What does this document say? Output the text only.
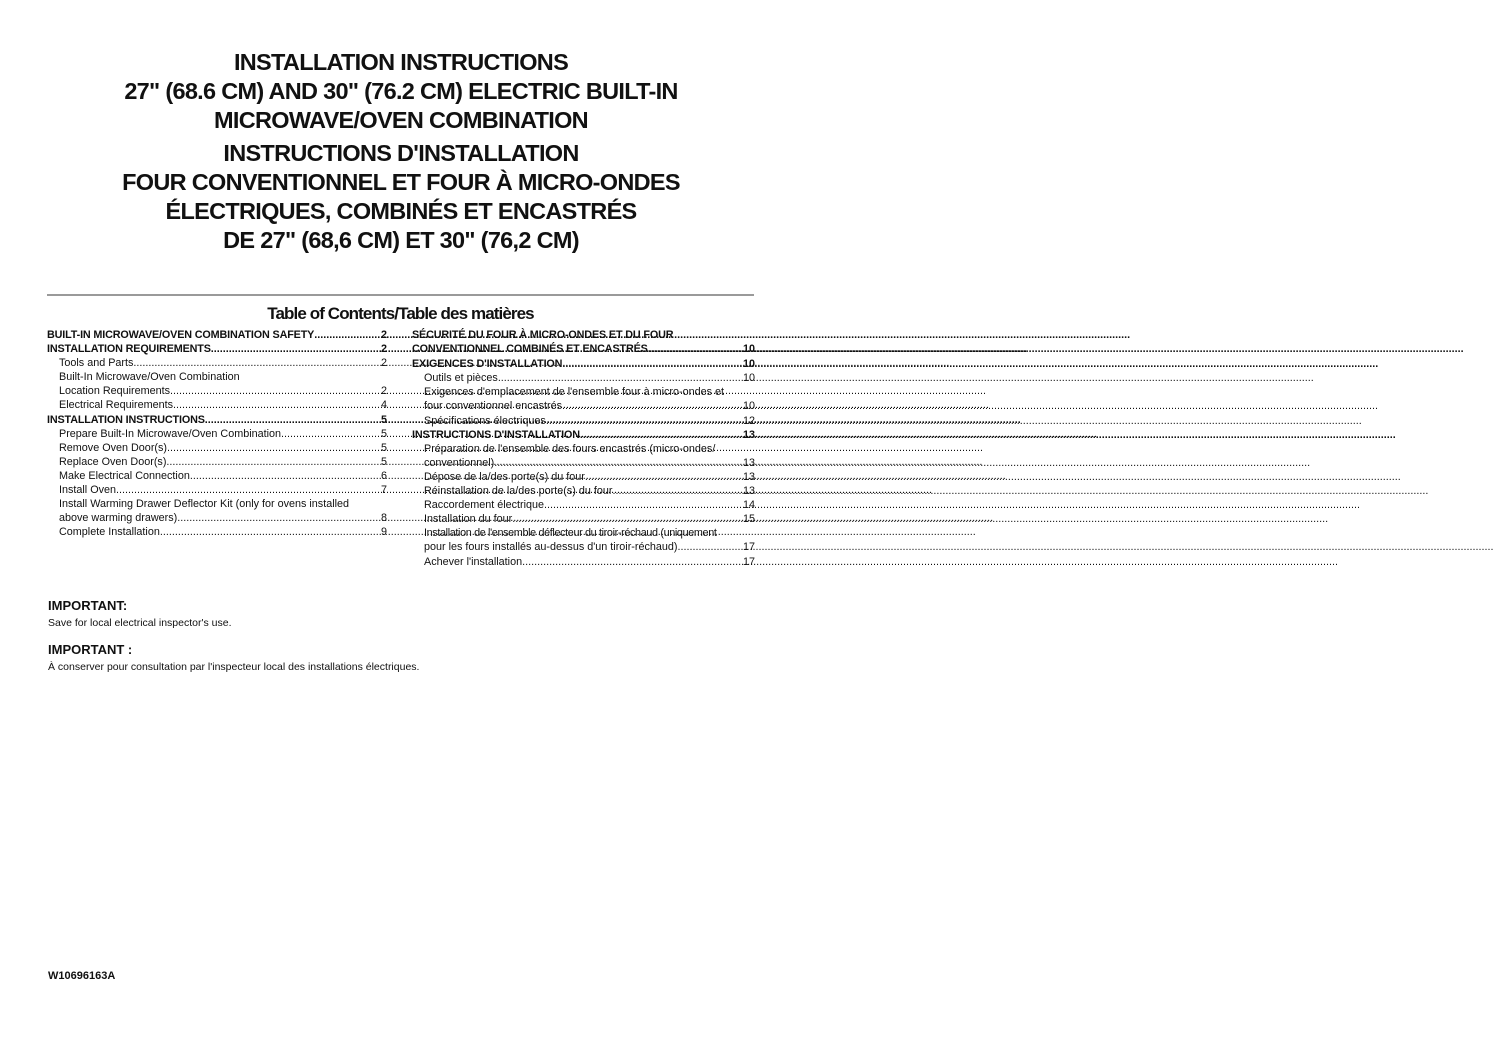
INSTALLATION INSTRUCTIONS
27" (68.6 CM) AND 30" (76.2 CM) ELECTRIC BUILT-IN
MICROWAVE/OVEN COMBINATION
INSTRUCTIONS D'INSTALLATION
FOUR CONVENTIONNEL ET FOUR À MICRO-ONDES
ÉLECTRIQUES, COMBINÉS ET ENCASTRÉS
DE 27" (68,6 CM) ET 30" (76,2 CM)
Table of Contents/Table des matières
BUILT-IN MICROWAVE/OVEN COMBINATION SAFETY .....	2
INSTALLATION REQUIREMENTS .....	2
Tools and Parts .....	2
Built-In Microwave/Oven Combination
Location Requirements .....	2
Electrical Requirements .....	4
INSTALLATION INSTRUCTIONS .....	5
Prepare Built-In Microwave/Oven Combination .....	5
Remove Oven Door(s) .....	5
Replace Oven Door(s) .....	5
Make Electrical Connection .....	6
Install Oven .....	7
Install Warming Drawer Deflector Kit (only for ovens installed
above warming drawers) .....	8
Complete Installation .....	9
SÉCURITÉ DU FOUR À MICRO-ONDES ET DU FOUR
CONVENTIONNEL COMBINÉS ET ENCASTRÉS .....	10
EXIGENCES D'INSTALLATION .....	10
Outils et pièces .....	10
Exigences d'emplacement de l'ensemble four à micro-ondes et
four conventionnel encastrés .....	10
Spécifications électriques .....	12
INSTRUCTIONS D'INSTALLATION .....	13
Préparation de l'ensemble des fours encastrés (micro-ondes/
conventionnel) .....	13
Dépose de la/des porte(s) du four .....	13
Réinstallation de la/des porte(s) du four .....	13
Raccordement électrique .....	14
Installation du four .....	15
Installation de l'ensemble déflecteur du tiroir-réchaud (uniquement
pour les fours installés au-dessus d'un tiroir-réchaud) .....	17
Achever l'installation .....	17
IMPORTANT:

Save for local electrical inspector's use.

IMPORTANT :

À conserver pour consultation par l'inspecteur local des installations électriques.

W10696163A
